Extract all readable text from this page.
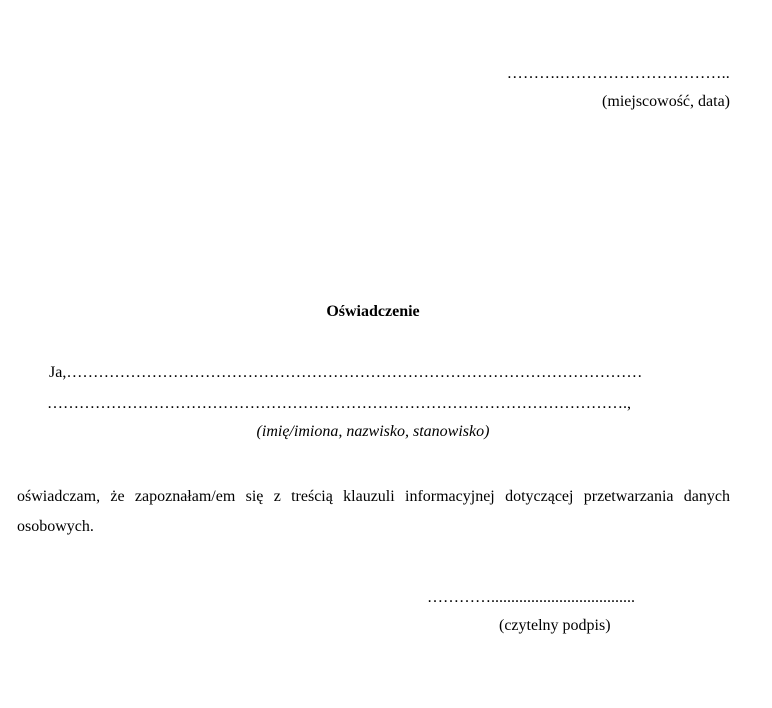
……….…………………………..
(miejscowość, data)
Oświadczenie
Ja,………………………………………………………………………………………………
……………………………………………………………………………………………….,
(imię/imiona, nazwisko, stanowisko)
oświadczam, że zapoznałam/em się z treścią klauzuli informacyjnej dotyczącej przetwarzania danych osobowych.
…………....................................
(czytelny podpis)
